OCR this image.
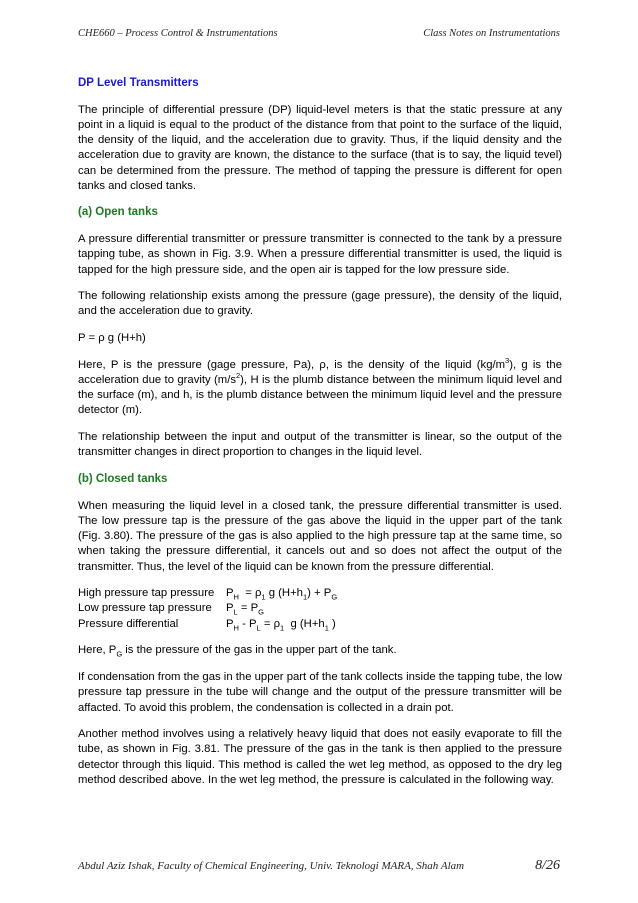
CHE660 – Process Control & Instrumentations	Class Notes on Instrumentations
DP Level Transmitters

The principle of differential pressure (DP) liquid-level meters is that the static pressure at any point in a liquid is equal to the product of the distance from that point to the surface of the liquid, the density of the liquid, and the acceleration due to gravity. Thus, if the liquid density and the acceleration due to gravity are known, the distance to the surface (that is to say, the liquid tevel) can be determined from the pressure. The method of tapping the pressure is different for open tanks and closed tanks.

(a) Open tanks

A pressure differential transmitter or pressure transmitter is connected to the tank by a pressure tapping tube, as shown in Fig. 3.9. When a pressure differential transmitter is used, the liquid is tapped for the high pressure side, and the open air is tapped for the low pressure side.

The following relationship exists among the pressure (gage pressure), the density of the liquid, and the acceleration due to gravity.

P = ρ g (H+h)

Here, P is the pressure (gage pressure, Pa), ρ, is the density of the liquid $(kg/m^3)$, g is the acceleration due to gravity $(m/s^2)$, H is the plumb distance between the minimum liquid level and the surface (m), and h, is the plumb distance between the minimum liquid level and the pressure detector (m).

The relationship between the input and output of the transmitter is linear, so the output of the transmitter changes in direct proportion to changes in the liquid level.

(b) Closed tanks

When measuring the liquid level in a closed tank, the pressure differential transmitter is used. The low pressure tap is the pressure of the gas above the liquid in the upper part of the tank (Fig. 3.80). The pressure of the gas is also applied to the high pressure tap at the same time, so when taking the pressure differential, it cancels out and so does not affect the output of the transmitter. Thus, the level of the liquid can be known from the pressure differential.

High pressure tap pressure	$P_H = \rho_1$ g $(H+h_1) + P_G$
Low pressure tap pressure	$P_L = P_G$
Pressure differential	$P_H - P_L = \rho_1$  g ($H+h_1$ )

Here, $P_G$ is the pressure of the gas in the upper part of the tank.

If condensation from the gas in the upper part of the tank collects inside the tapping tube, the low pressure tap pressure in the tube will change and the output of the pressure transmitter will be affacted. To avoid this problem, the condensation is collected in a drain pot.

Another method involves using a relatively heavy liquid that does not easily evaporate to fill the tube, as shown in Fig. 3.81. The pressure of the gas in the tank is then applied to the pressure detector through this liquid. This method is called the wet leg method, as opposed to the dry leg method described above. In the wet leg method, the pressure is calculated in the following way.

Abdul Aziz Ishak, Faculty of Chemical Engineering, Univ. Teknologi MARA, Shah Alam	8/26
